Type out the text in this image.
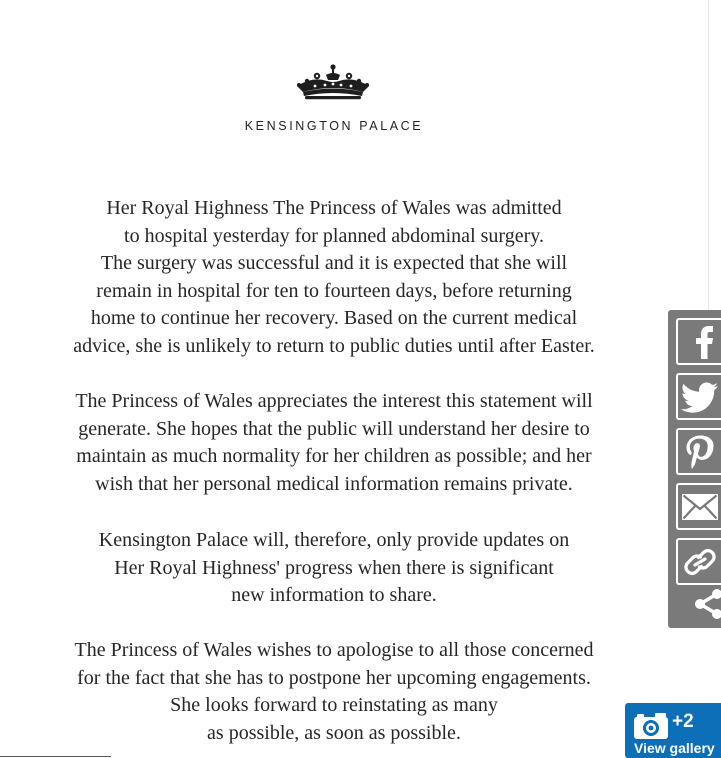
KENSINGTON PALACE
Her Royal Highness The Princess of Wales was admitted
to hospital yesterday for planned abdominal surgery.
The surgery was successful and it is expected that she will
remain in hospital for ten to fourteen days, before returning
home to continue her recovery. Based on the current medical
advice, she is unlikely to return to public duties until after Easter.
The Princess of Wales appreciates the interest this statement will
generate. She hopes that the public will understand her desire to
maintain as much normality for her children as possible; and her
wish that her personal medical information remains private.
Kensington Palace will, therefore, only provide updates on
Her Royal Highness' progress when there is significant
new information to share.
The Princess of Wales wishes to apologise to all those concerned
for the fact that she has to postpone her upcoming engagements.
She looks forward to reinstating as many
as possible, as soon as possible.
+2
View gallery
